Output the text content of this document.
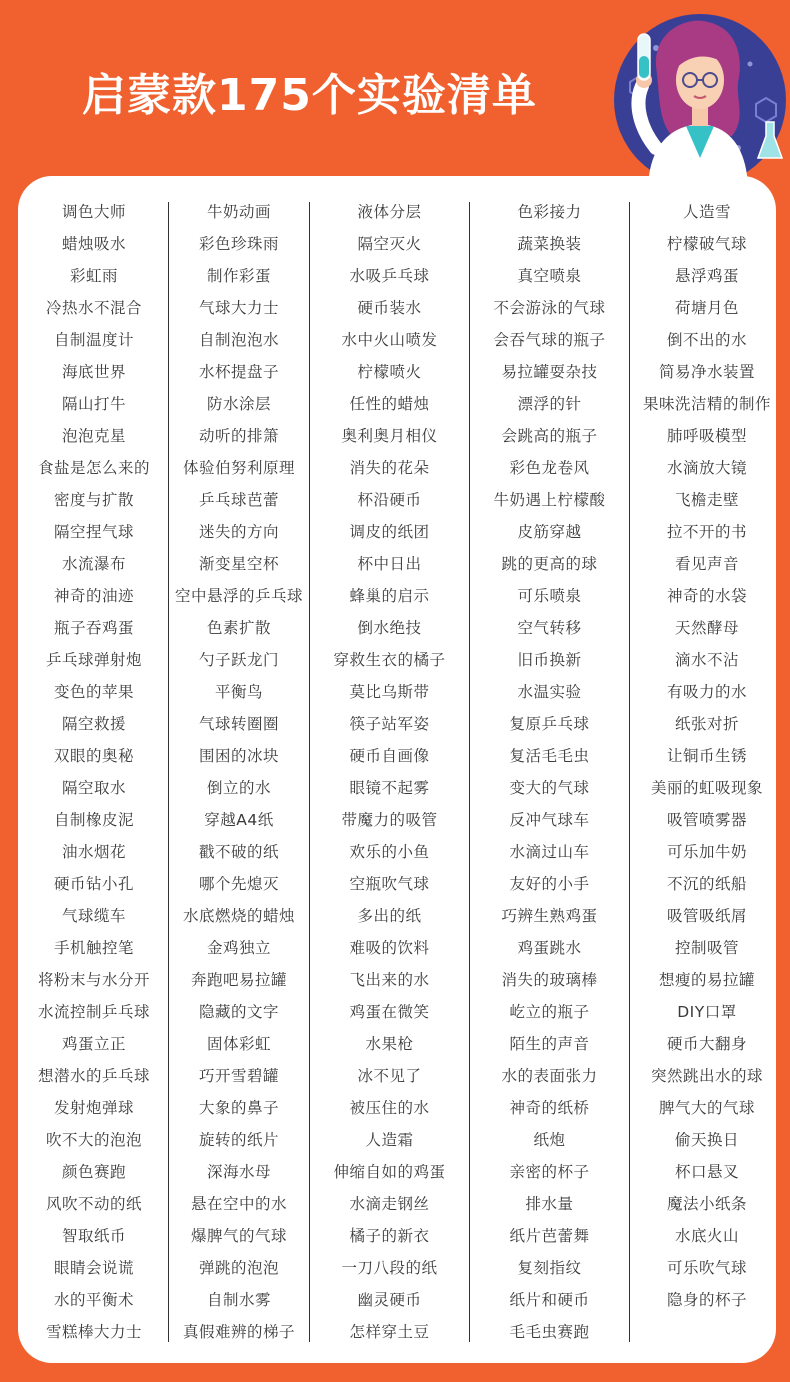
启蒙款175个实验清单
调色大师
蜡烛吸水
彩虹雨
冷热水不混合
自制温度计
海底世界
隔山打牛
泡泡克星
食盐是怎么来的
密度与扩散
隔空捏气球
水流瀑布
神奇的油迹
瓶子吞鸡蛋
乒乓球弹射炮
变色的苹果
隔空救援
双眼的奥秘
隔空取水
自制橡皮泥
油水烟花
硬币钻小孔
气球缆车
手机触控笔
将粉末与水分开
水流控制乒乓球
鸡蛋立正
想潜水的乒乓球
发射炮弹球
吹不大的泡泡
颜色赛跑
风吹不动的纸
智取纸币
眼睛会说谎
水的平衡术
雪糕棒大力士
牛奶动画
彩色珍珠雨
制作彩蛋
气球大力士
自制泡泡水
水杯提盘子
防水涂层
动听的排箫
体验伯努利原理
乒乓球芭蕾
迷失的方向
渐变星空杯
空中悬浮的乒乓球
色素扩散
勺子跃龙门
平衡鸟
气球转圈圈
围困的冰块
倒立的水
穿越A4纸
戳不破的纸
哪个先熄灭
水底燃烧的蜡烛
金鸡独立
奔跑吧易拉罐
隐藏的文字
固体彩虹
巧开雪碧罐
大象的鼻子
旋转的纸片
深海水母
悬在空中的水
爆脾气的气球
弹跳的泡泡
自制水雾
真假难辨的梯子
液体分层
隔空灭火
水吸乒乓球
硬币装水
水中火山喷发
柠檬喷火
任性的蜡烛
奥利奥月相仪
消失的花朵
杯沿硬币
调皮的纸团
杯中日出
蜂巢的启示
倒水绝技
穿救生衣的橘子
莫比乌斯带
筷子站军姿
硬币自画像
眼镜不起雾
带魔力的吸管
欢乐的小鱼
空瓶吹气球
多出的纸
难吸的饮料
飞出来的水
鸡蛋在微笑
水果枪
冰不见了
被压住的水
人造霜
伸缩自如的鸡蛋
水滴走钢丝
橘子的新衣
一刀八段的纸
幽灵硬币
怎样穿土豆
色彩接力
蔬菜换装
真空喷泉
不会游泳的气球
会吞气球的瓶子
易拉罐耍杂技
漂浮的针
会跳高的瓶子
彩色龙卷风
牛奶遇上柠檬酸
皮筋穿越
跳的更高的球
可乐喷泉
空气转移
旧币换新
水温实验
复原乒乓球
复活毛毛虫
变大的气球
反冲气球车
水滴过山车
友好的小手
巧辨生熟鸡蛋
鸡蛋跳水
消失的玻璃棒
屹立的瓶子
陌生的声音
水的表面张力
神奇的纸桥
纸炮
亲密的杯子
排水量
纸片芭蕾舞
复刻指纹
纸片和硬币
毛毛虫赛跑
人造雪
柠檬破气球
悬浮鸡蛋
荷塘月色
倒不出的水
简易净水装置
果味洗洁精的制作
肺呼吸模型
水滴放大镜
飞檐走壁
拉不开的书
看见声音
神奇的水袋
天然酵母
滴水不沾
有吸力的水
纸张对折
让铜币生锈
美丽的虹吸现象
吸管喷雾器
可乐加牛奶
不沉的纸船
吸管吸纸屑
控制吸管
想瘦的易拉罐
DIY口罩
硬币大翻身
突然跳出水的球
脾气大的气球
偷天换日
杯口悬叉
魔法小纸条
水底火山
可乐吹气球
隐身的杯子
